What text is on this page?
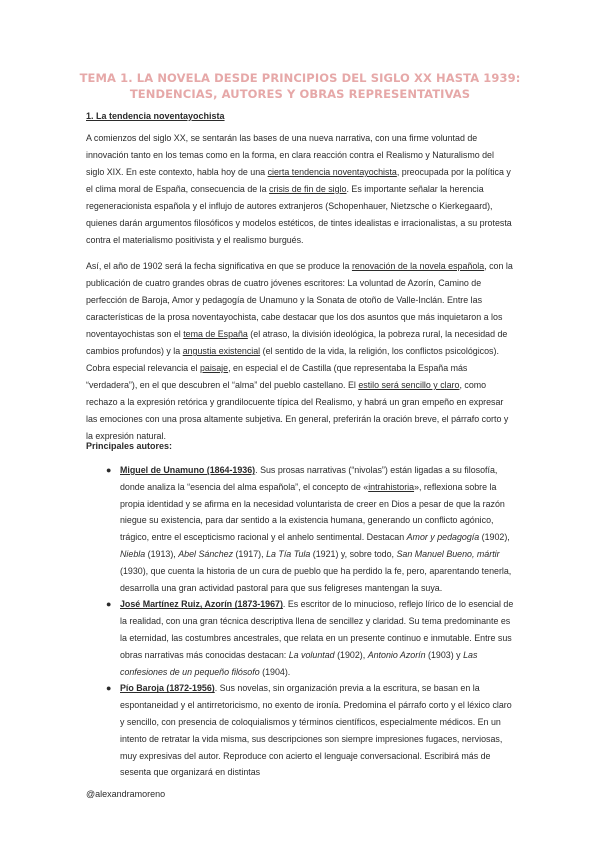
TEMA 1. LA NOVELA DESDE PRINCIPIOS DEL SIGLO XX HASTA 1939:
TENDENCIAS, AUTORES Y OBRAS REPRESENTATIVAS
1. La tendencia noventayochista

A comienzos del siglo XX, se sentarán las bases de una nueva narrativa, con una firme voluntad de innovación tanto en los temas como en la forma, en clara reacción contra el Realismo y Naturalismo del siglo XIX. En este contexto, habla hoy de una cierta tendencia noventayochista, preocupada por la política y el clima moral de España, consecuencia de la crisis de fin de siglo. Es importante señalar la herencia regeneracionista española y el influjo de autores extranjeros (Schopenhauer, Nietzsche o Kierkegaard), quienes darán argumentos filosóficos y modelos estéticos, de tintes idealistas e irracionalistas, a su protesta contra el materialismo positivista y el realismo burgués.

Así, el año de 1902 será la fecha significativa en que se produce la renovación de la novela española, con la publicación de cuatro grandes obras de cuatro jóvenes escritores: La voluntad de Azorín, Camino de perfección de Baroja, Amor y pedagogía de Unamuno y la Sonata de otoño de Valle-Inclán. Entre las características de la prosa noventayochista, cabe destacar que los dos asuntos que más inquietaron a los noventayochistas son el tema de España (el atraso, la división ideológica, la pobreza rural, la necesidad de cambios profundos) y la angustia existencial (el sentido de la vida, la religión, los conflictos psicológicos). Cobra especial relevancia el paisaje, en especial el de Castilla (que representaba la España más “verdadera”), en el que descubren el “alma” del pueblo castellano. El estilo será sencillo y claro, como rechazo a la expresión retórica y grandilocuente típica del Realismo, y habrá un gran empeño en expresar las emociones con una prosa altamente subjetiva. En general, preferirán la oración breve, el párrafo corto y la expresión natural.

Principales autores:
● Miguel de Unamuno (1864-1936). Sus prosas narrativas (“nivolas”) están ligadas a su filosofía, donde analiza la “esencia del alma española”, el concepto de «intrahistoria», reflexiona sobre la propia identidad y se afirma en la necesidad voluntarista de creer en Dios a pesar de que la razón niegue su existencia, para dar sentido a la existencia humana, generando un conflicto agónico, trágico, entre el escepticismo racional y el anhelo sentimental. Destacan Amor y pedagogía (1902), Niebla (1913), Abel Sánchez (1917), La Tía Tula (1921) y, sobre todo, San Manuel Bueno, mártir (1930), que cuenta la historia de un cura de pueblo que ha perdido la fe, pero, aparentando tenerla, desarrolla una gran actividad pastoral para que sus feligreses mantengan la suya.
● José Martínez Ruiz, Azorín (1873-1967). Es escritor de lo minucioso, reflejo lírico de lo esencial de la realidad, con una gran técnica descriptiva llena de sencillez y claridad. Su tema predominante es la eternidad, las costumbres ancestrales, que relata en un presente continuo e inmutable. Entre sus obras narrativas más conocidas destacan: La voluntad (1902), Antonio Azorín (1903) y Las confesiones de un pequeño filósofo (1904).
● Pío Baroja (1872-1956). Sus novelas, sin organización previa a la escritura, se basan en la espontaneidad y el antirretoricismo, no exento de ironía. Predomina el párrafo corto y el léxico claro y sencillo, con presencia de coloquialismos y términos científicos, especialmente médicos. En un intento de retratar la vida misma, sus descripciones son siempre impresiones fugaces, nerviosas, muy expresivas del autor. Reproduce con acierto el lenguaje conversacional. Escribirá más de sesenta que organizará en distintas
@alexandramoreno
